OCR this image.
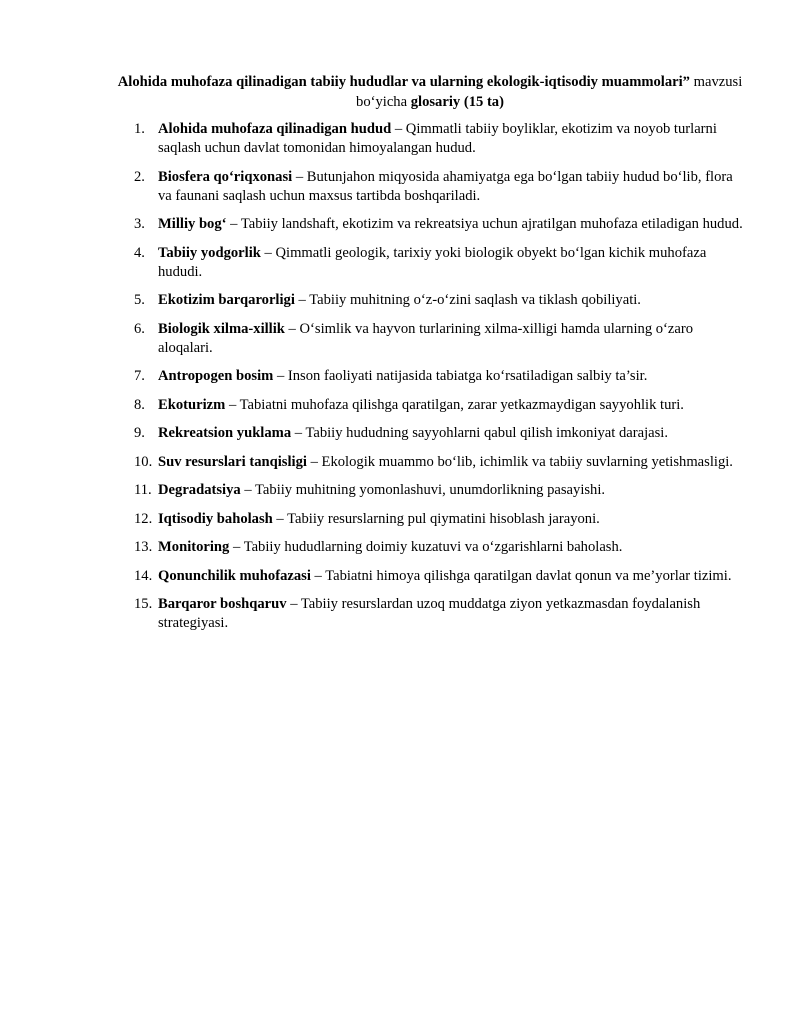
Alohida muhofaza qilinadigan tabiiy hududlar va ularning ekologik-iqtisodiy muammolari” mavzusi bo‘yicha glosariy (15 ta)
1. Alohida muhofaza qilinadigan hudud – Qimmatli tabiiy boyliklar, ekotizim va noyob turlarni saqlash uchun davlat tomonidan himoyalangan hudud.
2. Biosfera qo‘riqxonasi – Butunjahon miqyosida ahamiyatga ega bo‘lgan tabiiy hudud bo‘lib, flora va faunani saqlash uchun maxsus tartibda boshqariladi.
3. Milliy bog‘ – Tabiiy landshaft, ekotizim va rekreatsiya uchun ajratilgan muhofaza etiladigan hudud.
4. Tabiiy yodgorlik – Qimmatli geologik, tarixiy yoki biologik obyekt bo‘lgan kichik muhofaza hududi.
5. Ekotizim barqarorligi – Tabiiy muhitning o‘z-o‘zini saqlash va tiklash qobiliyati.
6. Biologik xilma-xillik – O‘simlik va hayvon turlarining xilma-xilligi hamda ularning o‘zaro aloqalari.
7. Antropogen bosim – Inson faoliyati natijasida tabiatga ko‘rsatiladigan salbiy ta’sir.
8. Ekoturizm – Tabiatni muhofaza qilishga qaratilgan, zarar yetkazmaydigan sayyohlik turi.
9. Rekreatsion yuklama – Tabiiy hududning sayyohlarni qabul qilish imkoniyat darajasi.
10. Suv resurslari tanqisligi – Ekologik muammo bo‘lib, ichimlik va tabiiy suvlarning yetishmasligi.
11. Degradatsiya – Tabiiy muhitning yomonlashuvi, unumdorlikning pasayishi.
12. Iqtisodiy baholash – Tabiiy resurslarning pul qiymatini hisoblash jarayoni.
13. Monitoring – Tabiiy hududlarning doimiy kuzatuvi va o‘zgarishlarni baholash.
14. Qonunchilik muhofazasi – Tabiatni himoya qilishga qaratilgan davlat qonun va me’yorlar tizimi.
15. Barqaror boshqaruv – Tabiiy resurslardan uzoq muddatga ziyon yetkazmasdan foydalanish strategiyasi.
